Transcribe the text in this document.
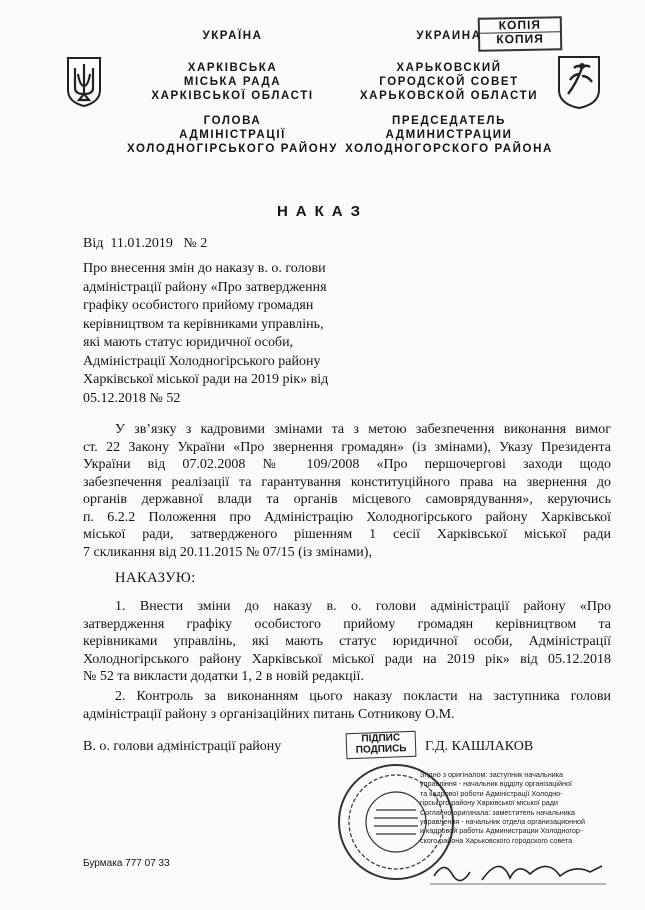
КОПІЯ
КОПИЯ
УКРАЇНА
ХАРКІВСЬКА
МІСЬКА РАДА
ХАРКІВСЬКОЇ ОБЛАСТІ
ГОЛОВА
АДМІНІСТРАЦІЇ
ХОЛОДНОГІРСЬКОГО РАЙОНУ
УКРАИНА
ХАРЬКОВСКИЙ
ГОРОДСКОЙ СОВЕТ
ХАРЬКОВСКОЙ ОБЛАСТИ
ПРЕДСЕДАТЕЛЬ
АДМИНИСТРАЦИИ
ХОЛОДНОГОРСКОГО РАЙОНА
НАКАЗ
Від  11.01.2019   № 2
Про внесення змін до наказу в. о. голови
адміністрації району «Про затвердження
графіку особистого прийому громадян
керівництвом та керівниками управлінь,
які мають статус юридичної особи,
Адміністрації Холодногірського району
Харківської міської ради на 2019 рік» від
05.12.2018 № 52
У зв’язку з кадровими змінами та з метою забезпечення виконання вимог
ст. 22 Закону України «Про звернення громадян» (із змінами), Указу Президента
України від 07.02.2008 № 109/2008 «Про першочергові заходи щодо
забезпечення реалізації та гарантування конституційного права на звернення до
органів державної влади та органів місцевого самоврядування», керуючись
п. 6.2.2 Положення про Адміністрацію Холодногірського району Харківської
міської ради, затвердженого рішенням 1 сесії Харківської міської ради
7 скликання від 20.11.2015 № 07/15 (із змінами),
НАКАЗУЮ:
1. Внести зміни до наказу в. о. голови адміністрації району «Про
затвердження графіку особистого прийому громадян керівництвом та
керівниками управлінь, які мають статус юридичної особи, Адміністрації
Холодногірського району Харківської міської ради на 2019 рік» від 05.12.2018
№ 52 та викласти додатки 1, 2 в новій редакції.
2. Контроль за виконанням цього наказу покласти на заступника голови
адміністрації району з організаційних питань Сотникову О.М.
В. о. голови адміністрації району
ПІДПИС
ПОДПИСЬ	Г.Д. КАШЛАКОВ
Згідно з оригіналом: заступник начальника
управління - начальник відділу організаційної
та кадрової роботи Адміністрації Холодно-
гірського району Харківської міської ради
Согласно оригинала: заместитель начальника
управления - начальник отдела организационной
и кадровой работы Администрации Холодногор-
ского района Харьковского городского совета
Бурмака 777 07 33
